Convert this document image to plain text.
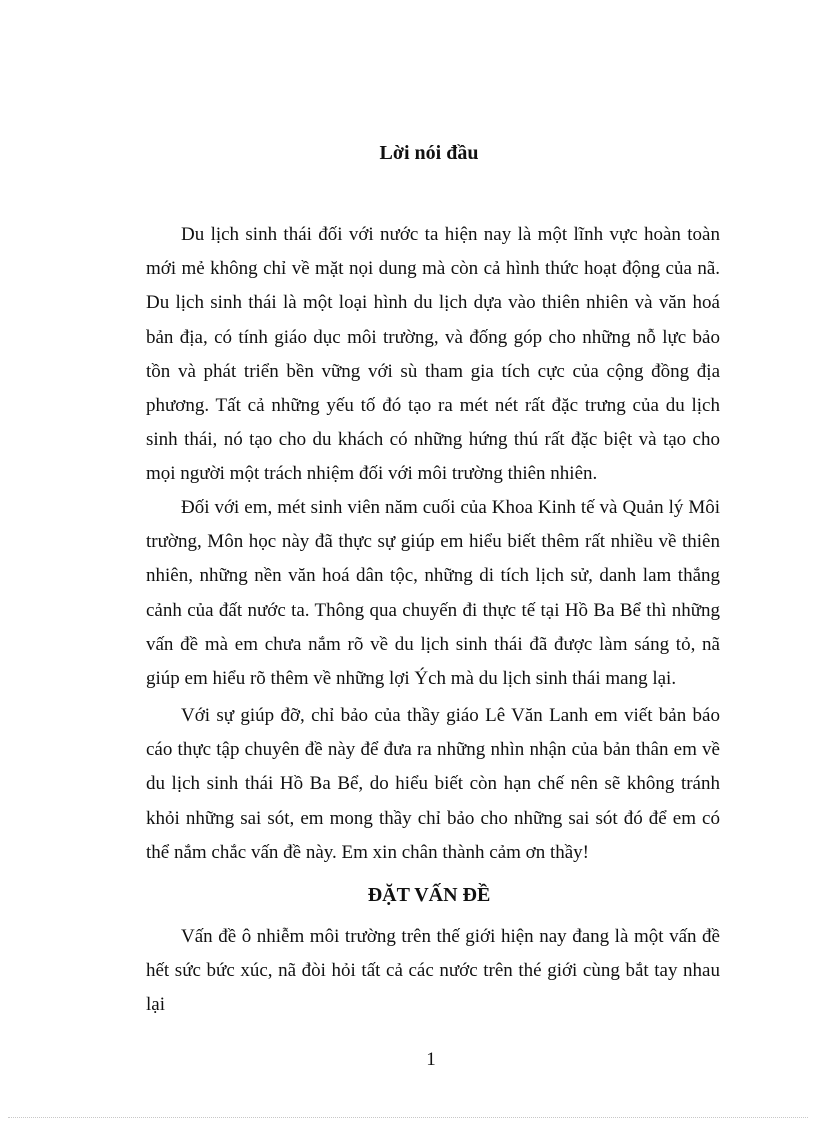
Lời nói đầu

Du lịch sinh thái đối với nước ta hiện nay là một lĩnh vực hoàn toàn mới mẻ không chỉ về mặt nọi dung mà còn cả hình thức hoạt động của nã. Du lịch sinh thái là một loại hình du lịch dựa vào thiên nhiên và văn hoá bản địa, có tính giáo dục môi trường, và đống góp cho những nỗ lực bảo tồn và phát triển bền vững với sù tham gia tích cực của cộng đồng địa phương. Tất cả những yếu tố đó tạo ra mét nét rất đặc trưng của du lịch sinh thái, nó tạo cho du khách có những hứng thú rất đặc biệt và tạo cho mọi người một trách nhiệm đối với môi trường thiên nhiên.

Đối với em, mét sinh viên năm cuối của Khoa Kinh tế và Quản lý Môi trường, Môn học này đã thực sự giúp em hiểu biết thêm rất nhiều về thiên nhiên, những nền văn hoá dân tộc, những di tích lịch sử, danh lam thắng cảnh của đất nước ta. Thông qua chuyến đi thực tế tại Hồ Ba Bể thì những vấn đề mà em chưa nắm rõ về du lịch sinh thái đã được làm sáng tỏ, nã giúp em hiểu rõ thêm về những lợi Ých mà du lịch sinh thái mang lại.

Với sự giúp đỡ, chỉ bảo của thầy giáo Lê Văn Lanh em viết bản báo cáo thực tập chuyên đề này để đưa ra những nhìn nhận của bản thân em về du lịch sinh thái Hồ Ba Bể, do hiểu biết còn hạn chế nên sẽ không tránh khỏi những sai sót, em mong thầy chỉ bảo cho những sai sót đó để em có thể nắm chắc vấn đề này. Em xin chân thành cảm ơn thầy!

ĐẶT VẤN ĐỀ

Vấn đề ô nhiễm môi trường trên thế giới hiện nay đang là một vấn đề hết sức bức xúc, nã đòi hỏi tất cả các nước trên thé giới cùng bắt tay nhau lại

1
